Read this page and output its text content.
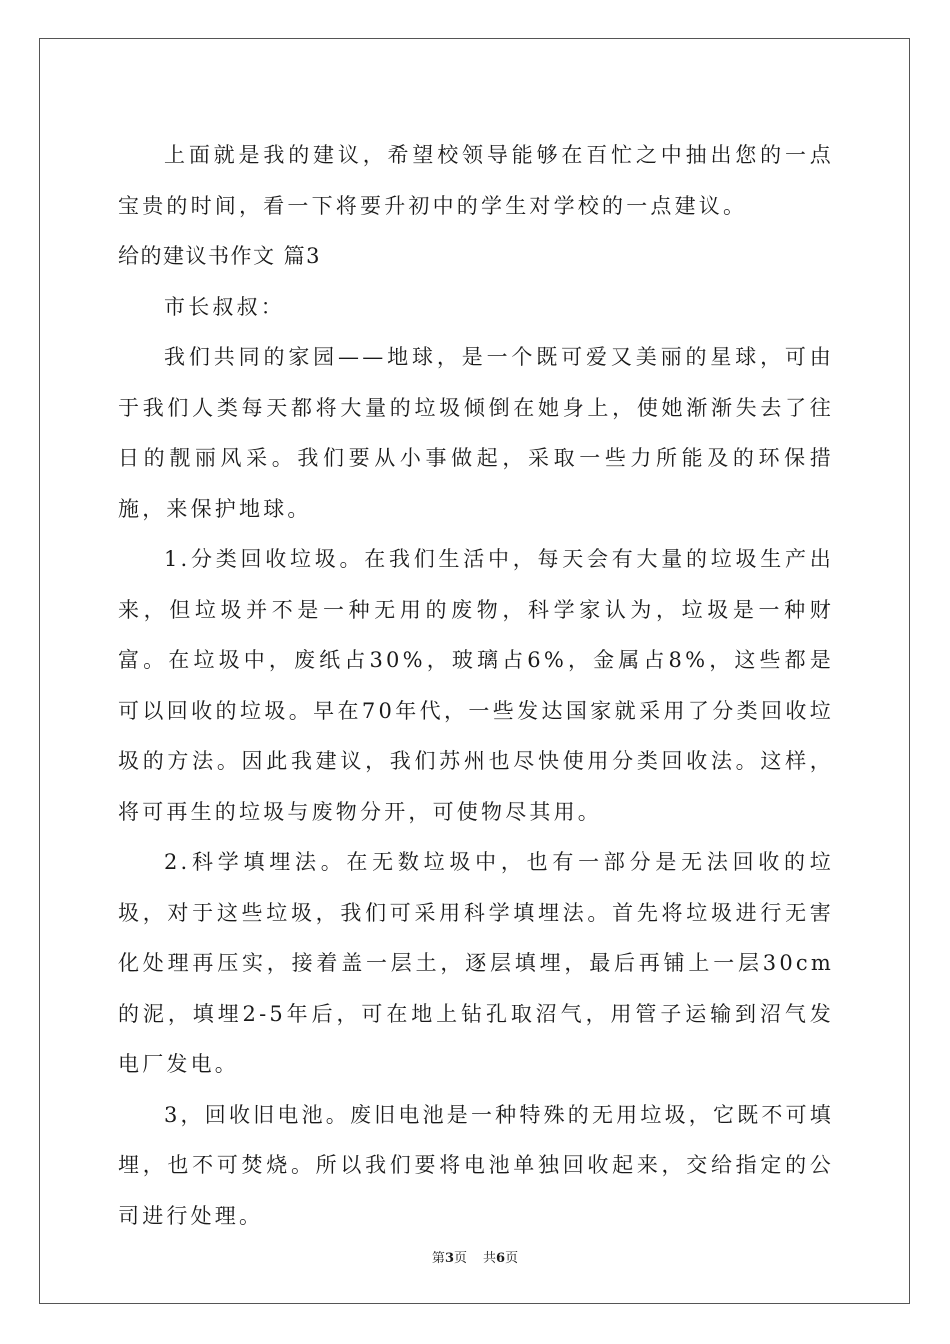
上面就是我的建议，希望校领导能够在百忙之中抽出您的一点宝贵的时间，看一下将要升初中的学生对学校的一点建议。

给的建议书作文 篇3

市长叔叔：

我们共同的家园——地球，是一个既可爱又美丽的星球，可由于我们人类每天都将大量的垃圾倾倒在她身上，使她渐渐失去了往日的靓丽风采。我们要从小事做起，采取一些力所能及的环保措施，来保护地球。

1.分类回收垃圾。在我们生活中，每天会有大量的垃圾生产出来，但垃圾并不是一种无用的废物，科学家认为，垃圾是一种财富。在垃圾中，废纸占30%，玻璃占6%，金属占8%，这些都是可以回收的垃圾。早在70年代，一些发达国家就采用了分类回收垃圾的方法。因此我建议，我们苏州也尽快使用分类回收法。这样，将可再生的垃圾与废物分开，可使物尽其用。

2.科学填埋法。在无数垃圾中，也有一部分是无法回收的垃圾，对于这些垃圾，我们可采用科学填埋法。首先将垃圾进行无害化处理再压实，接着盖一层土，逐层填埋，最后再铺上一层30cm的泥，填埋2-5年后，可在地上钻孔取沼气，用管子运输到沼气发电厂发电。

3，回收旧电池。废旧电池是一种特殊的无用垃圾，它既不可填埋，也不可焚烧。所以我们要将电池单独回收起来，交给指定的公司进行处理。

第3页 共6页
